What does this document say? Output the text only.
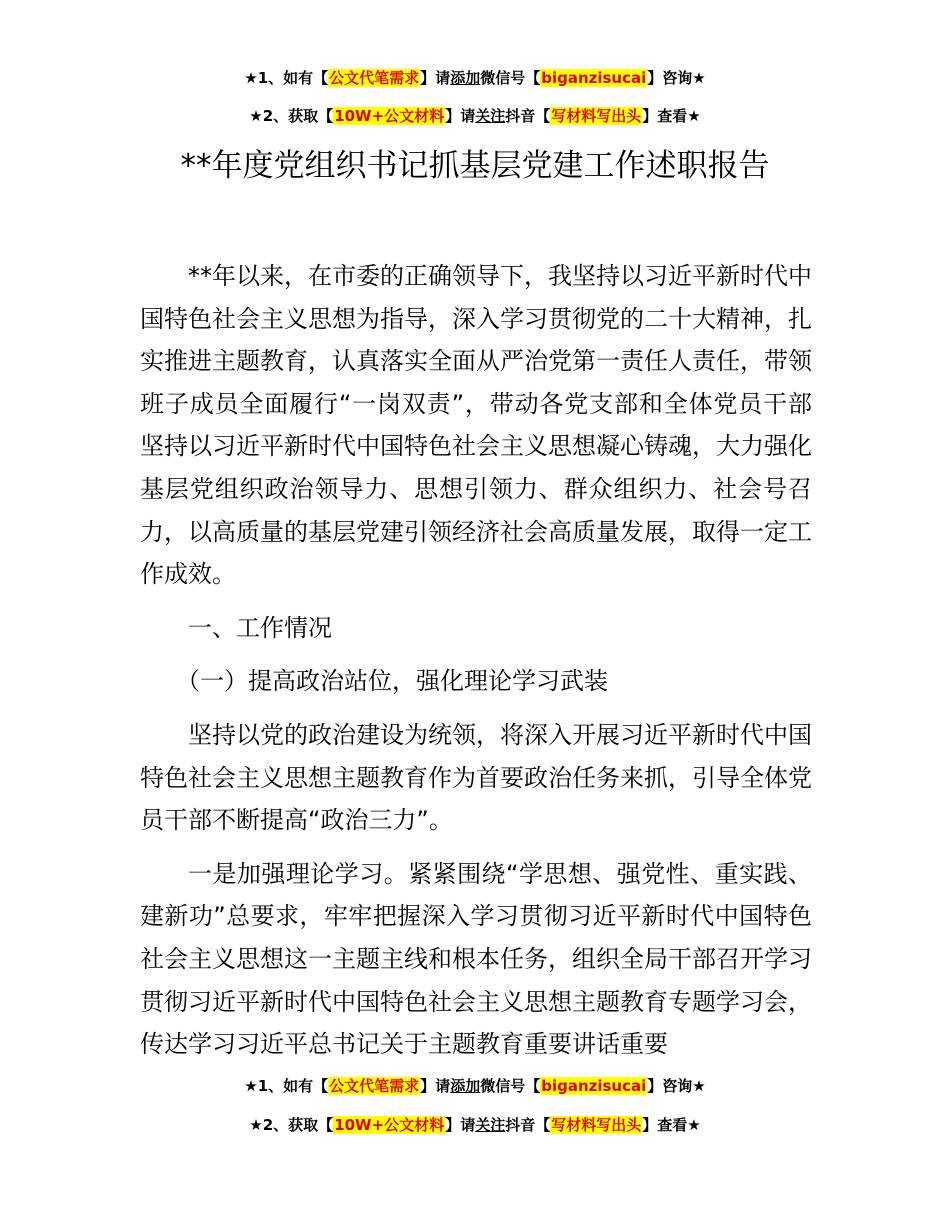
★1、如有【公文代笔需求】请添加微信号【biganzisucai】咨询★
★2、获取【10W+公文材料】请关注抖音【写材料写出头】查看★
**年度党组织书记抓基层党建工作述职报告

**年以来，在市委的正确领导下，我坚持以习近平新时代中国特色社会主义思想为指导，深入学习贯彻党的二十大精神，扎实推进主题教育，认真落实全面从严治党第一责任人责任，带领班子成员全面履行“一岗双责”，带动各党支部和全体党员干部坚持以习近平新时代中国特色社会主义思想凝心铸魂，大力强化基层党组织政治领导力、思想引领力、群众组织力、社会号召力，以高质量的基层党建引领经济社会高质量发展，取得一定工作成效。

一、工作情况

（一）提高政治站位，强化理论学习武装

坚持以党的政治建设为统领，将深入开展习近平新时代中国特色社会主义思想主题教育作为首要政治任务来抓，引导全体党员干部不断提高“政治三力”。

一是加强理论学习。紧紧围绕“学思想、强党性、重实践、建新功”总要求，牢牢把握深入学习贯彻习近平新时代中国特色社会主义思想这一主题主线和根本任务，组织全局干部召开学习贯彻习近平新时代中国特色社会主义思想主题教育专题学习会，传达学习习近平总书记关于主题教育重要讲话重要

★1、如有【公文代笔需求】请添加微信号【biganzisucai】咨询★
★2、获取【10W+公文材料】请关注抖音【写材料写出头】查看★
